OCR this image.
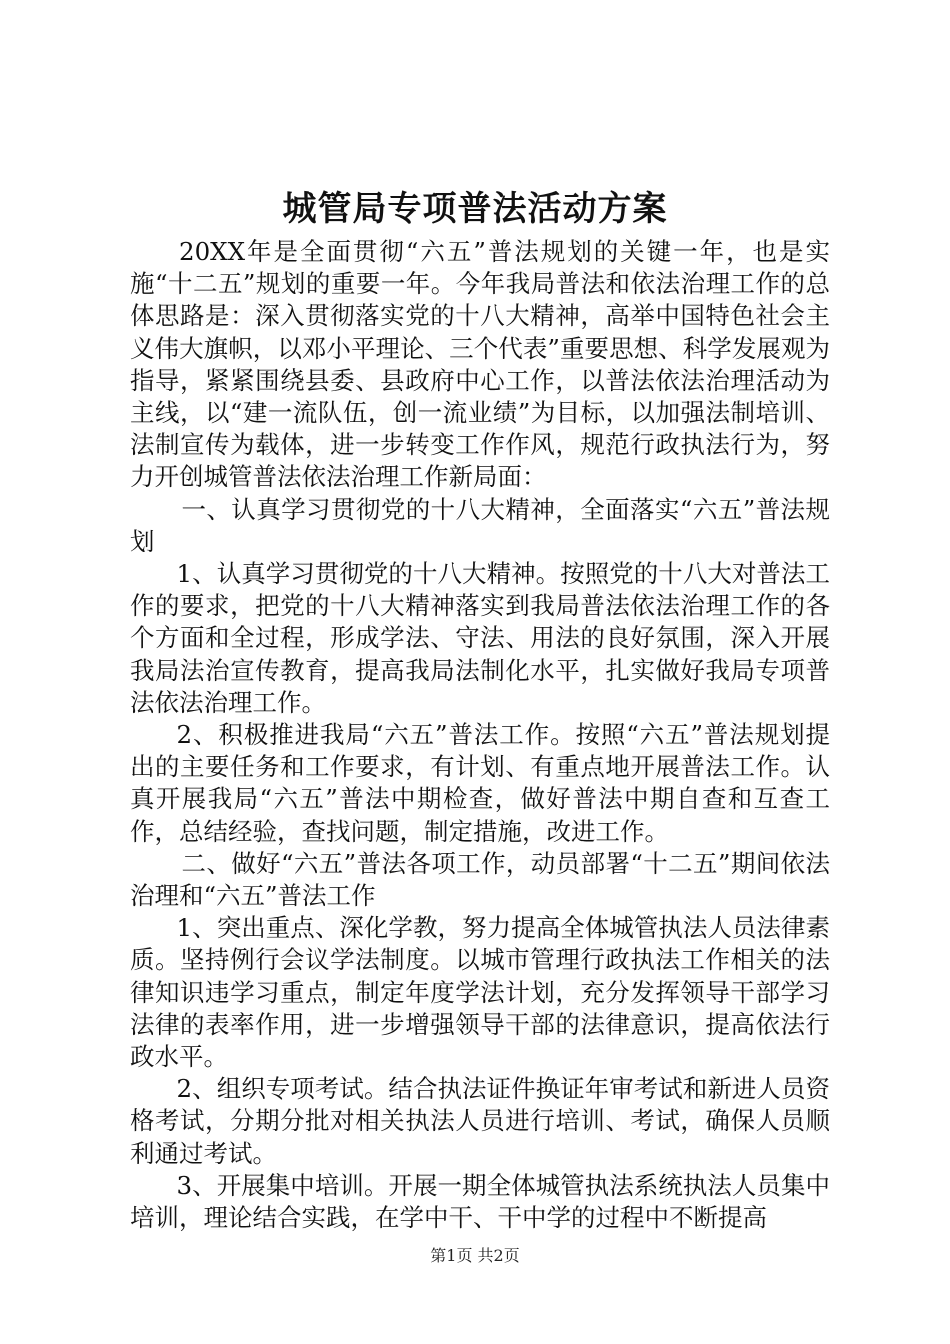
城管局专项普法活动方案

20XX年是全面贯彻“六五”普法规划的关键一年，也是实施“十二五”规划的重要一年。今年我局普法和依法治理工作的总体思路是：深入贯彻落实党的十八大精神，高举中国特色社会主义伟大旗帜，以邓小平理论、三个代表”重要思想、科学发展观为指导，紧紧围绕县委、县政府中心工作，以普法依法治理活动为主线，以“建一流队伍，创一流业绩”为目标，以加强法制培训、法制宣传为载体，进一步转变工作作风，规范行政执法行为，努力开创城管普法依法治理工作新局面：

一、认真学习贯彻党的十八大精神，全面落实“六五”普法规划

1、认真学习贯彻党的十八大精神。按照党的十八大对普法工作的要求，把党的十八大精神落实到我局普法依法治理工作的各个方面和全过程，形成学法、守法、用法的良好氛围，深入开展我局法治宣传教育，提高我局法制化水平，扎实做好我局专项普法依法治理工作。

2、积极推进我局“六五”普法工作。按照“六五”普法规划提出的主要任务和工作要求，有计划、有重点地开展普法工作。认真开展我局“六五”普法中期检查，做好普法中期自查和互查工作，总结经验，查找问题，制定措施，改进工作。

二、做好“六五”普法各项工作，动员部署“十二五”期间依法治理和“六五”普法工作

1、突出重点、深化学教，努力提高全体城管执法人员法律素质。坚持例行会议学法制度。以城市管理行政执法工作相关的法律知识违学习重点，制定年度学法计划，充分发挥领导干部学习法律的表率作用，进一步增强领导干部的法律意识，提高依法行政水平。

2、组织专项考试。结合执法证件换证年审考试和新进人员资格考试，分期分批对相关执法人员进行培训、考试，确保人员顺利通过考试。

3、开展集中培训。开展一期全体城管执法系统执法人员集中培训，理论结合实践，在学中干、干中学的过程中不断提高

第1页 共2页
